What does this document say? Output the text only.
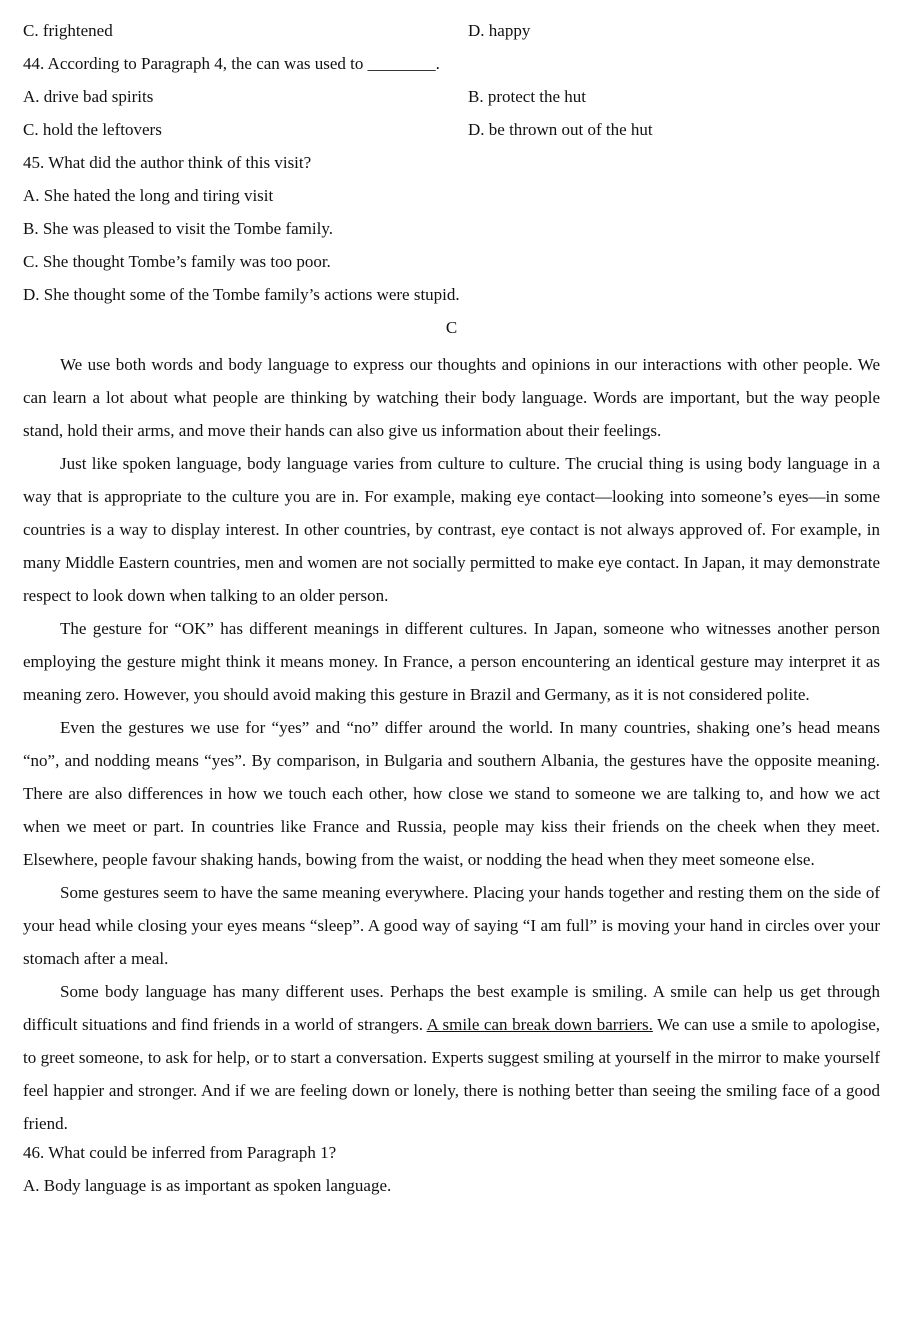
C. frightened	D. happy
44. According to Paragraph 4, the can was used to ________.
A. drive bad spirits	B. protect the hut
C. hold the leftovers	D. be thrown out of the hut
45. What did the author think of this visit?
A. She hated the long and tiring visit
B. She was pleased to visit the Tombe family.
C. She thought Tombe’s family was too poor.
D. She thought some of the Tombe family’s actions were stupid.
C

We use both words and body language to express our thoughts and opinions in our interactions with other people. We can learn a lot about what people are thinking by watching their body language. Words are important, but the way people stand, hold their arms, and move their hands can also give us information about their feelings.

Just like spoken language, body language varies from culture to culture. The crucial thing is using body language in a way that is appropriate to the culture you are in. For example, making eye contact—looking into someone’s eyes—in some countries is a way to display interest. In other countries, by contrast, eye contact is not always approved of. For example, in many Middle Eastern countries, men and women are not socially permitted to make eye contact. In Japan, it may demonstrate respect to look down when talking to an older person.

The gesture for “OK” has different meanings in different cultures. In Japan, someone who witnesses another person employing the gesture might think it means money. In France, a person encountering an identical gesture may interpret it as meaning zero. However, you should avoid making this gesture in Brazil and Germany, as it is not considered polite.

Even the gestures we use for “yes” and “no” differ around the world. In many countries, shaking one’s head means “no”, and nodding means “yes”. By comparison, in Bulgaria and southern Albania, the gestures have the opposite meaning. There are also differences in how we touch each other, how close we stand to someone we are talking to, and how we act when we meet or part. In countries like France and Russia, people may kiss their friends on the cheek when they meet. Elsewhere, people favour shaking hands, bowing from the waist, or nodding the head when they meet someone else.

Some gestures seem to have the same meaning everywhere. Placing your hands together and resting them on the side of your head while closing your eyes means “sleep”. A good way of saying “I am full” is moving your hand in circles over your stomach after a meal.

Some body language has many different uses. Perhaps the best example is smiling. A smile can help us get through difficult situations and find friends in a world of strangers. A smile can break down barriers. We can use a smile to apologise, to greet someone, to ask for help, or to start a conversation. Experts suggest smiling at yourself in the mirror to make yourself feel happier and stronger. And if we are feeling down or lonely, there is nothing better than seeing the smiling face of a good friend.

46. What could be inferred from Paragraph 1?
A. Body language is as important as spoken language.
